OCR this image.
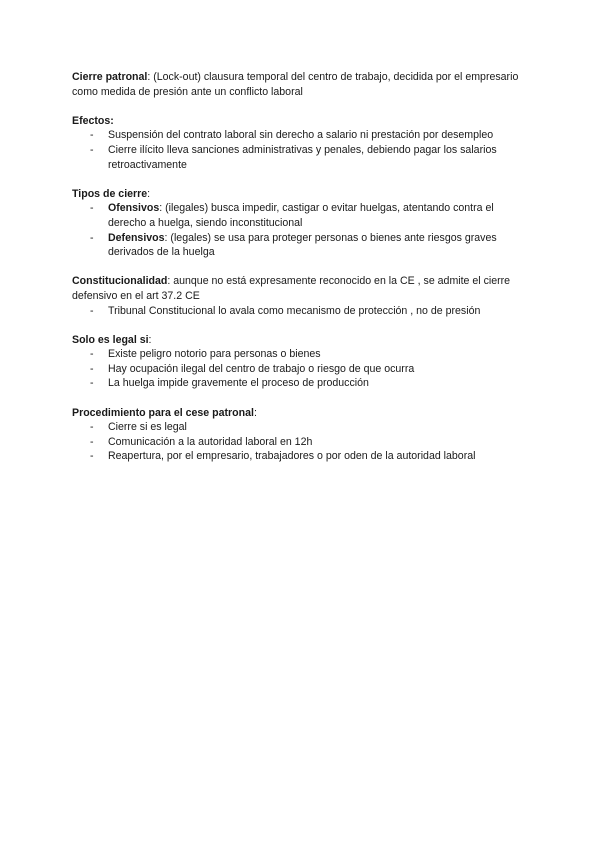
Cierre patronal: (Lock-out) clausura temporal del centro de trabajo, decidida por el empresario como medida de presión ante un conflicto laboral

Efectos:

- Suspensión del contrato laboral sin derecho a salario ni prestación por desempleo
- Cierre ilícito lleva sanciones administrativas y penales, debiendo pagar los salarios retroactivamente

Tipos de cierre:

- Ofensivos: (ilegales) busca impedir, castigar o evitar huelgas, atentando contra el derecho a huelga, siendo inconstitucional
- Defensivos: (legales) se usa para proteger personas o bienes ante riesgos graves derivados de la huelga

Constitucionalidad: aunque no está expresamente reconocido en la CE , se admite el cierre defensivo en el art 37.2 CE

- Tribunal Constitucional lo avala como mecanismo de protección , no de presión

Solo es legal si:

- Existe peligro notorio para personas o bienes
- Hay ocupación ilegal del centro de trabajo o riesgo de que ocurra
- La huelga impide gravemente el proceso de producción

Procedimiento para el cese patronal:

- Cierre si es legal
- Comunicación a la autoridad laboral en 12h
- Reapertura, por el empresario, trabajadores o por oden de la autoridad laboral
